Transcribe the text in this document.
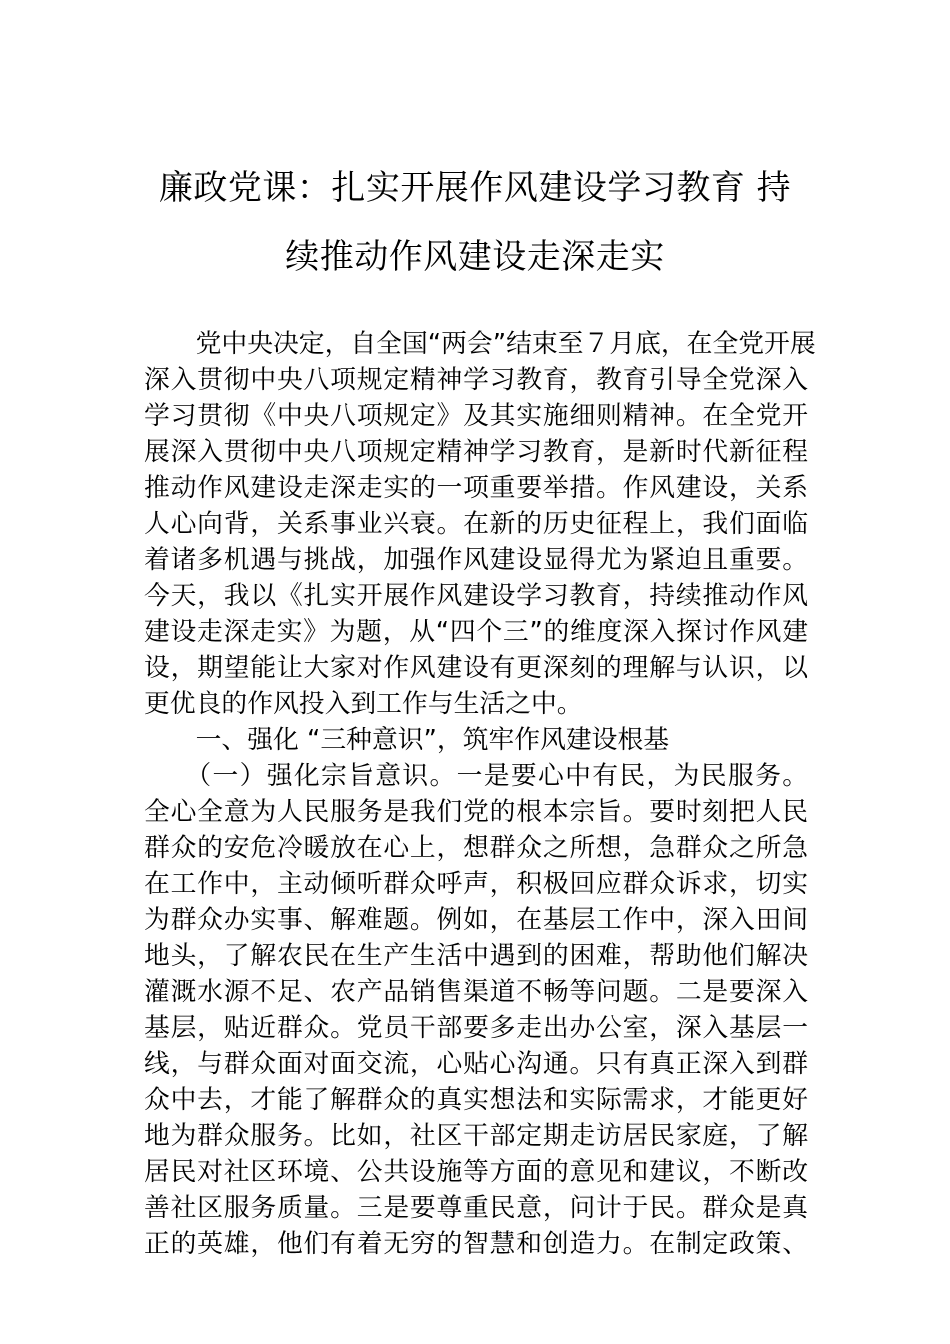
廉政党课：扎实开展作风建设学习教育 持
续推动作风建设走深走实
　　党中央决定，自全国“两会”结束至７月底，在全党开展
深入贯彻中央八项规定精神学习教育，教育引导全党深入
学习贯彻《中央八项规定》及其实施细则精神。在全党开
展深入贯彻中央八项规定精神学习教育，是新时代新征程
推动作风建设走深走实的一项重要举措。作风建设，关系
人心向背，关系事业兴衰。在新的历史征程上，我们面临
着诸多机遇与挑战，加强作风建设显得尤为紧迫且重要。
今天，我以《扎实开展作风建设学习教育，持续推动作风
建设走深走实》为题，从“四个三”的维度深入探讨作风建
设，期望能让大家对作风建设有更深刻的理解与认识，以
更优良的作风投入到工作与生活之中。
　　一、强化 “三种意识”，筑牢作风建设根基
　　（一）强化宗旨意识。一是要心中有民，为民服务。
全心全意为人民服务是我们党的根本宗旨。要时刻把人民
群众的安危冷暖放在心上，想群众之所想，急群众之所急
在工作中，主动倾听群众呼声，积极回应群众诉求，切实
为群众办实事、解难题。例如，在基层工作中，深入田间
地头，了解农民在生产生活中遇到的困难，帮助他们解决
灌溉水源不足、农产品销售渠道不畅等问题。二是要深入
基层，贴近群众。党员干部要多走出办公室，深入基层一
线，与群众面对面交流，心贴心沟通。只有真正深入到群
众中去，才能了解群众的真实想法和实际需求，才能更好
地为群众服务。比如，社区干部定期走访居民家庭，了解
居民对社区环境、公共设施等方面的意见和建议，不断改
善社区服务质量。三是要尊重民意，问计于民。群众是真
正的英雄，他们有着无穷的智慧和创造力。在制定政策、
